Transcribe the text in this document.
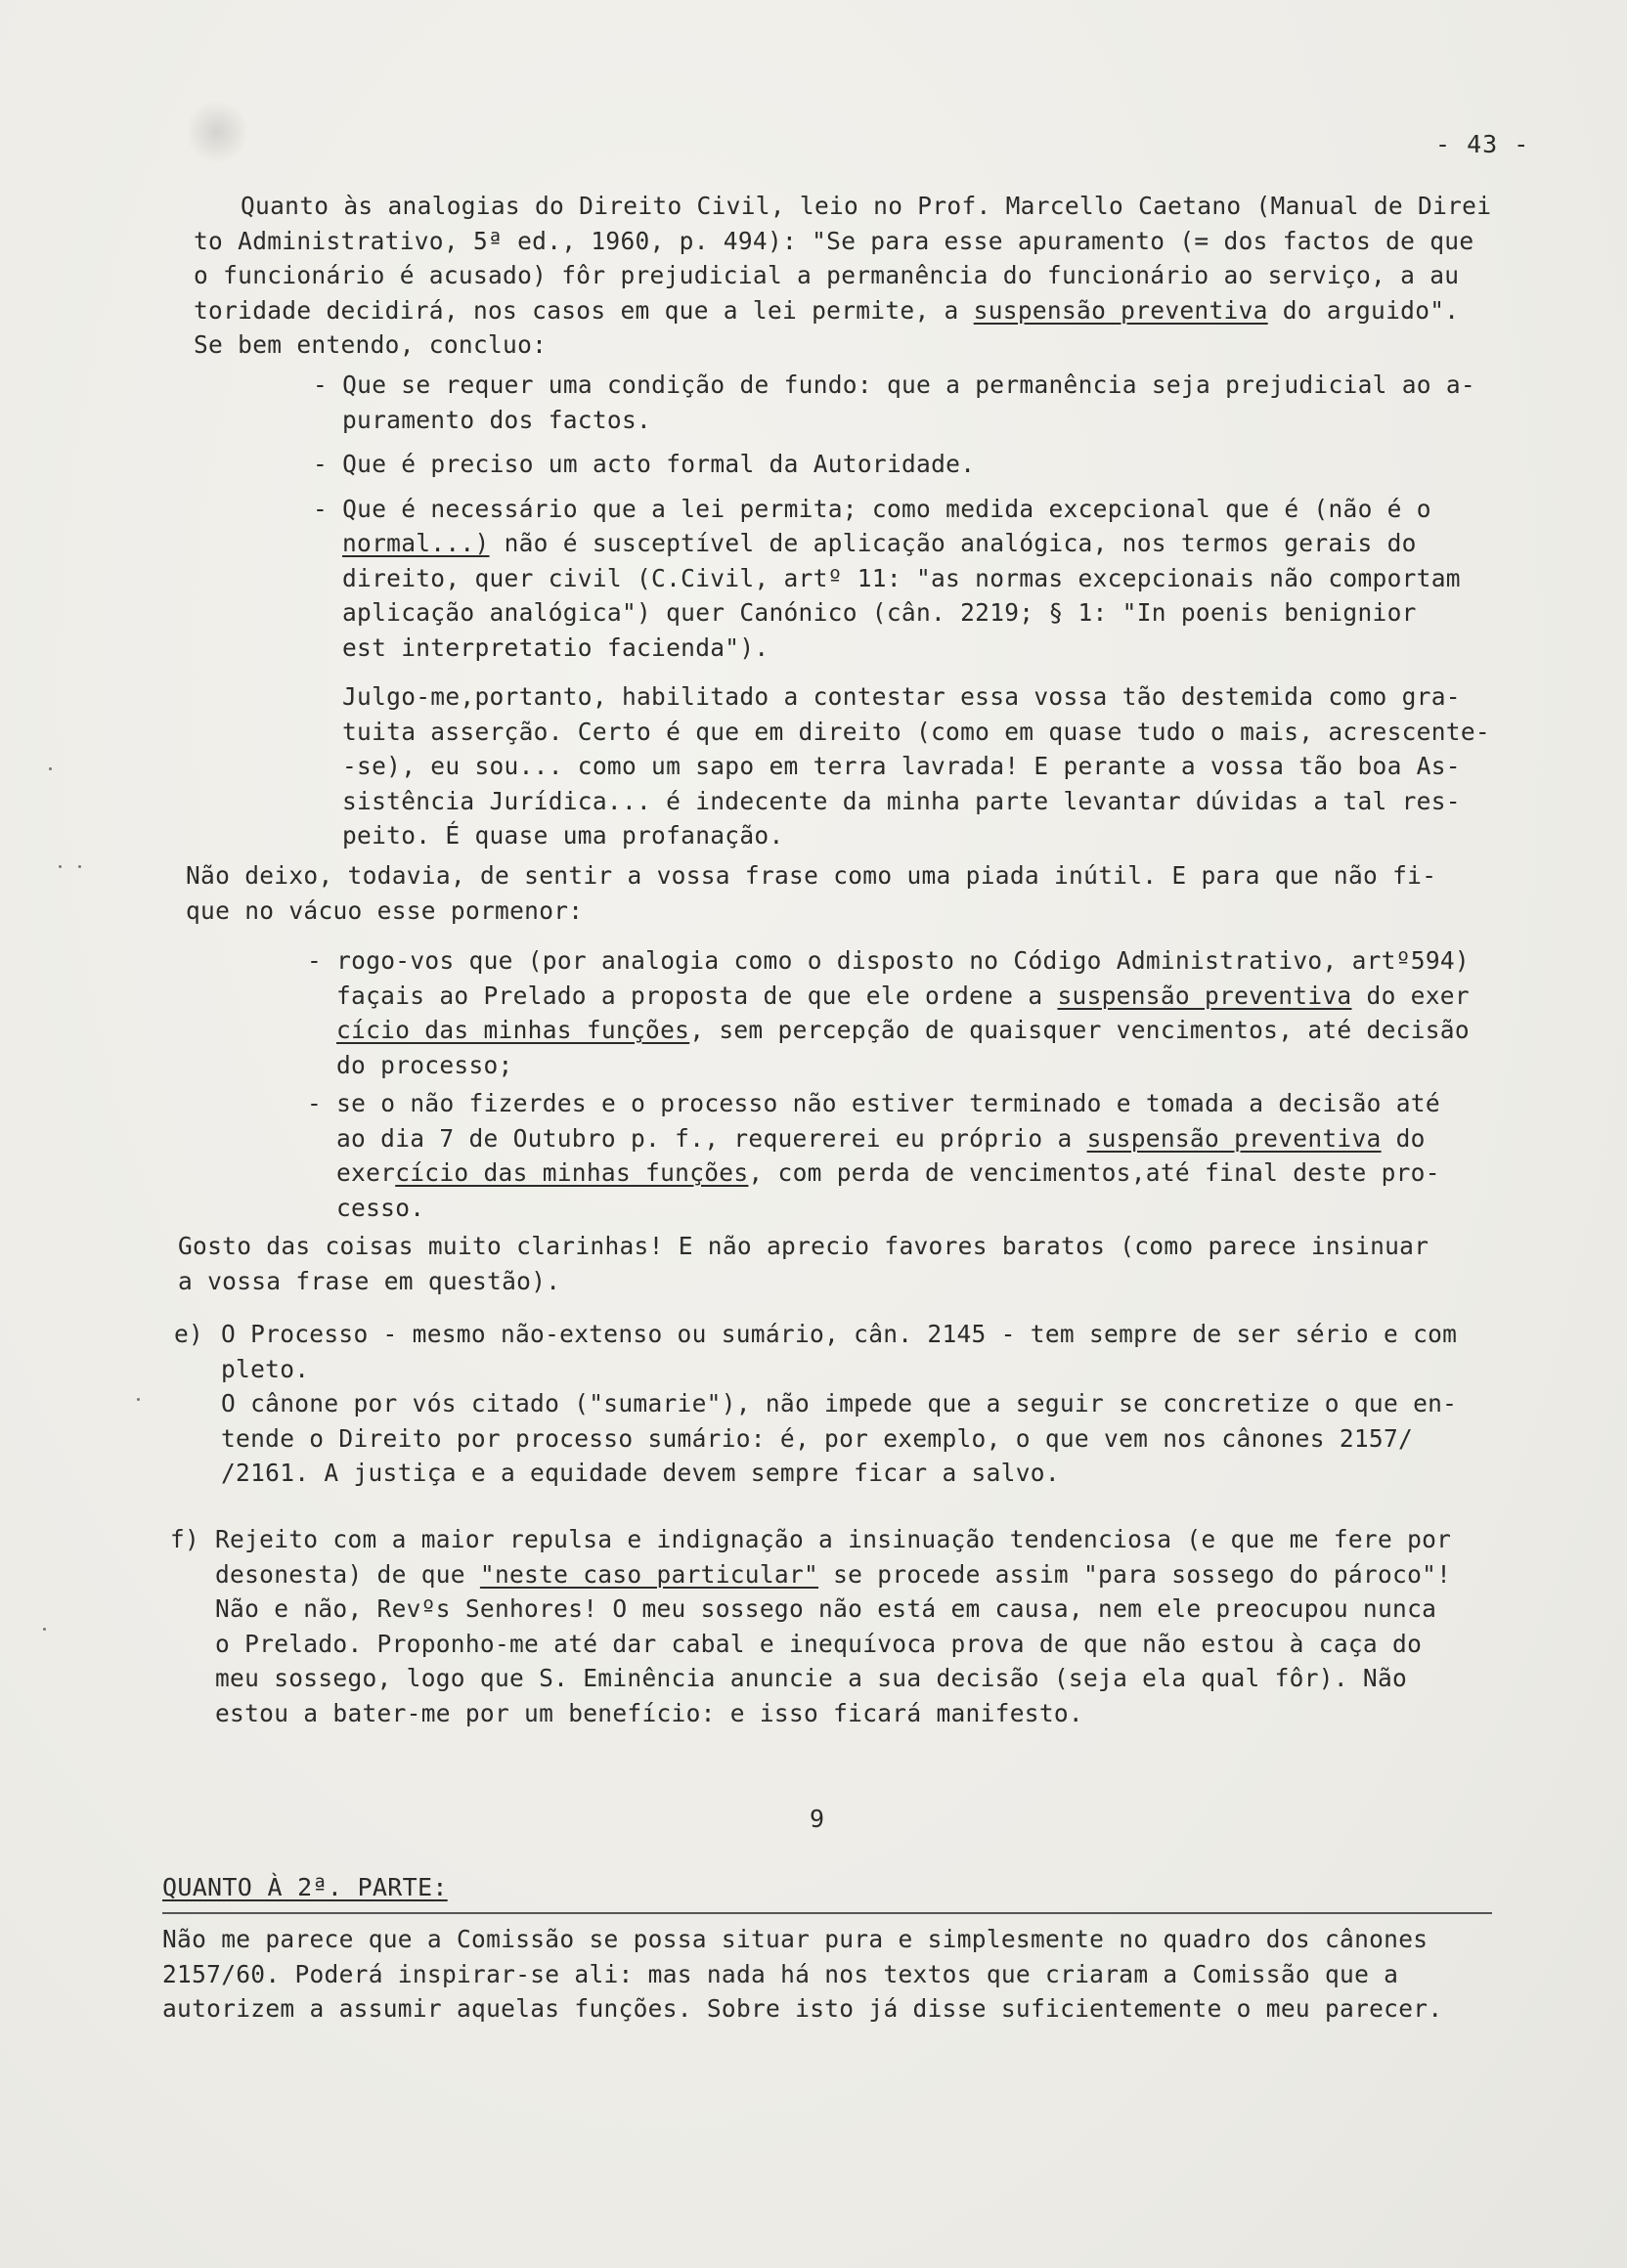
- 43 -
Quanto às analogias do Direito Civil, leio no Prof. Marcello Caetano (Manual de Direi
to Administrativo, 5ª ed., 1960, p. 494): "Se para esse apuramento (= dos factos de que
o funcionário é acusado) fôr prejudicial a permanência do funcionário ao serviço, a au
toridade decidirá, nos casos em que a lei permite, a suspensão preventiva do arguido".
Se bem entendo, concluo:
- Que se requer uma condição de fundo: que a permanência seja prejudicial ao a-
puramento dos factos.
- Que é preciso um acto formal da Autoridade.
- Que é necessário que a lei permita; como medida excepcional que é (não é o
normal...) não é susceptível de aplicação analógica, nos termos gerais do
direito, quer civil (C.Civil, artº 11: "as normas excepcionais não comportam
aplicação analógica") quer Canónico (cân. 2219; § 1: "In poenis benignior
est interpretatio facienda").
Julgo-me,portanto, habilitado a contestar essa vossa tão destemida como gra-
tuita asserção. Certo é que em direito (como em quase tudo o mais, acrescente-
-se), eu sou... como um sapo em terra lavrada! E perante a vossa tão boa As-
sistência Jurídica... é indecente da minha parte levantar dúvidas a tal res-
peito. É quase uma profanação.
Não deixo, todavia, de sentir a vossa frase como uma piada inútil. E para que não fi-
que no vácuo esse pormenor:
- rogo-vos que (por analogia como o disposto no Código Administrativo, artº594)
façais ao Prelado a proposta de que ele ordene a suspensão preventiva do exer
cício das minhas funções, sem percepção de quaisquer vencimentos, até decisão
do processo;
- se o não fizerdes e o processo não estiver terminado e tomada a decisão até
ao dia 7 de Outubro p. f., requererei eu próprio a suspensão preventiva do
exercício das minhas funções, com perda de vencimentos,até final deste pro-
cesso.
Gosto das coisas muito clarinhas! E não aprecio favores baratos (como parece insinuar
a vossa frase em questão).
e) O Processo - mesmo não-extenso ou sumário, cân. 2145 - tem sempre de ser sério e com
pleto.
O cânone por vós citado ("sumarie"), não impede que a seguir se concretize o que en-
tende o Direito por processo sumário: é, por exemplo, o que vem nos cânones 2157/
/2161. A justiça e a equidade devem sempre ficar a salvo.
f) Rejeito com a maior repulsa e indignação a insinuação tendenciosa (e que me fere por
desonesta) de que "neste caso particular" se procede assim "para sossego do pároco"!
Não e não, Revºs Senhores! O meu sossego não está em causa, nem ele preocupou nunca
o Prelado. Proponho-me até dar cabal e inequívoca prova de que não estou à caça do
meu sossego, logo que S. Eminência anuncie a sua decisão (seja ela qual fôr). Não
estou a bater-me por um benefício: e isso ficará manifesto.
9
QUANTO À 2ª. PARTE:
Não me parece que a Comissão se possa situar pura e simplesmente no quadro dos cânones
2157/60. Poderá inspirar-se ali: mas nada há nos textos que criaram a Comissão que a
autorizem a assumir aquelas funções. Sobre isto já disse suficientemente o meu parecer.
